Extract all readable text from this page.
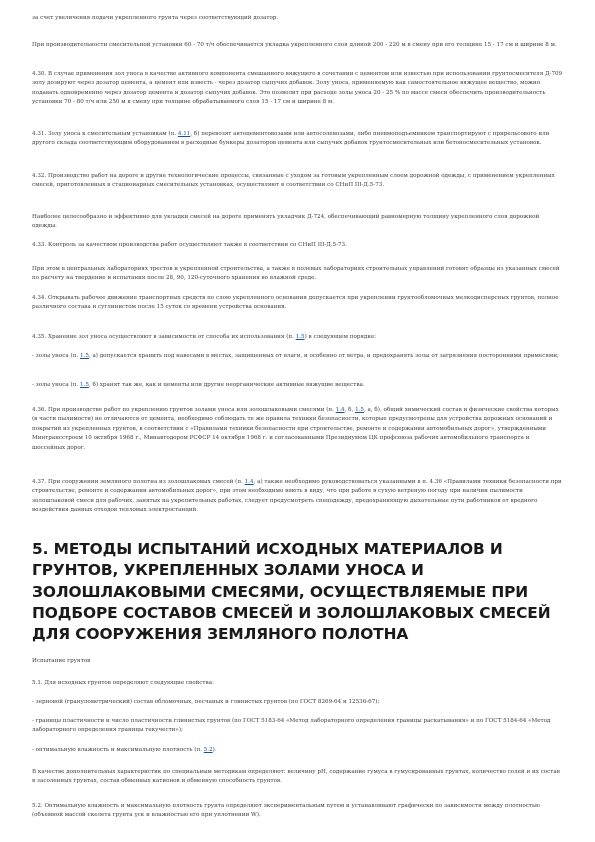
за счет увеличения подачи укрепленного грунта через соответствующий дозатор.

При производительности смесительной установки 60 - 70 т/ч обеспечивается укладка укрепленного слоя длиной 200 - 220 м в смену при его толщине 15 - 17 см и ширине 8 м.

4.30. В случае применения зол уноса в качестве активного компонента смешанного вяжущего в сочетании с цементом или известью при использовании грунтосмесителя Д-709 золу дозируют через дозатор цемента, а цемент или известь - через дозатор сыпучих добавок. Золу уноса, применяемую как самостоятельное вяжущее вещество, можно подавать одновременно через дозатор цемента и дозатор сыпучих добавок. Это позволит при расходе золы уноса 20 - 25 % по массе смеси обеспечить производительность установки 70 - 80 т/ч или 250 м в смену при толщине обрабатываемого слоя 15 - 17 см и ширине 8 м.

4.31. Золу уноса к смесительным установкам (п. 4.11, б) перевозят автоцементовозами или автосолевозами, либо пневмоподъемником транспортируют с прирельсового или другого склада соответствующим оборудованием в расходные бункеры дозаторов цемента или сыпучих добавок грунтосмесительных или бетоносмесительных установок.

4.32. Производство работ на дороге и другие технологические процессы, связанные с уходом за готовым укрепленным слоем дорожной одежды, с применением укрепленных смесей, приготовленных в стационарных смесительных установках, осуществляют в соответствии со СНиП III-Д.5-73.

Наиболее целесообразно и эффективно для укладки смесей на дороге применять укладчик Д-724, обеспечивающий равномерную толщину укрепленного слоя дорожной одежды.

4.33. Контроль за качеством производства работ осуществляют также в соответствии со СНиП III-Д.5-73.

При этом в центральных лабораториях трестов и укрепленной строительства, а также в полевых лабораториях строительных управлений готовят образцы из указанных смесей по расчету на твердение и испытания после 28, 90, 120-суточного хранения во влажной среде.

4.34. Открывать рабочее движение транспортных средств по слою укрепленного основания допускается при укреплении грунтообломочных мелкодисперсных грунтов, полное различного состава и суглинистом после 15 суток со времени устройства основания.

4.35. Хранение зол уноса осуществляют в зависимости от способа их использования (п. 1.5) в следующем порядке:

- золы уноса (п. 1.5, а) допускается хранить под навесами в местах, защищенных от влаги, и особенно от ветра, и предохранять золы от загрязнения посторонними примесями;

- золы уноса (п. 1.5, б) хранят так же, как и цементы или другие неорганические активные вяжущие вещества.

4.36. При производстве работ по укреплению грунтов золами уноса или золошлаковыми смесями (п. 1.4, б, 1.5, а, б), общий химический состав и физические свойства которых (в части пылимости) не отличаются от цемента, необходимо соблюдать те же правила техники безопасности, которые предусмотрены для устройства дорожных оснований и покрытий из укрепленных грунтов, в соответствии с «Правилами техники безопасности при строительстве, ремонте и содержании автомобильных дорог», утвержденными Минтрансстроем 10 октября 1968 г., Минавтодором РСФСР 14 октября 1968 г. и согласованными Президиумом ЦК профсоюза рабочих автомобильного транспорта и шоссейных дорог.

4.37. При сооружении земляного полотна из золошлаковых смесей (п. 1.4, а) также необходимо руководствоваться указанными в п. 4.36 «Правилами техники безопасности при строительстве, ремонте и содержании автомобильных дорог», при этом необходимо иметь в виду, что при работе в сухую ветреную погоду при наличии пылимости золошлаковой смеси для рабочих, занятых на укрепительных работах, следует предусмотреть спецодежду, предохраняющую дыхательные пути работников от вредного воздействия данных отходов тепловых электростанций.

5. МЕТОДЫ ИСПЫТАНИЙ ИСХОДНЫХ МАТЕРИАЛОВ И ГРУНТОВ, УКРЕПЛЕННЫХ ЗОЛАМИ УНОСА И ЗОЛОШЛАКОВЫМИ СМЕСЯМИ, ОСУЩЕСТВЛЯЕМЫЕ ПРИ ПОДБОРЕ СОСТАВОВ СМЕСЕЙ И ЗОЛОШЛАКОВЫХ СМЕСЕЙ ДЛЯ СООРУЖЕНИЯ ЗЕМЛЯНОГО ПОЛОТНА

Испытание грунтов

5.1. Для исходных грунтов определяют следующие свойства:

- зерновой (гранулометрический) состав обломочных, песчаных и глинистых грунтов (по ГОСТ 8269-64 и 12536-67);

- границы пластичности и число пластичности глинистых грунтов (по ГОСТ 5183-64 «Метод лабораторного определения границы раскатывания» и по ГОСТ 5184-64 «Метод лабораторного определения границы текучести»);

- оптимальную влажность и максимальную плотность (п. 5.2).

В качестве дополнительных характеристик по специальным методикам определяют: величину pH, содержание гумуса в гумусированных грунтах, количество солей и их состав в засоленных грунтах, состав обменных катионов и обменную способность грунтов.

5.2. Оптимальную влажность и максимальную плотность грунта определяют экспериментальным путем и устанавливают графически по зависимости между плотностью (объемной массой скелета грунта γск и влажностью его при уплотнении W).
